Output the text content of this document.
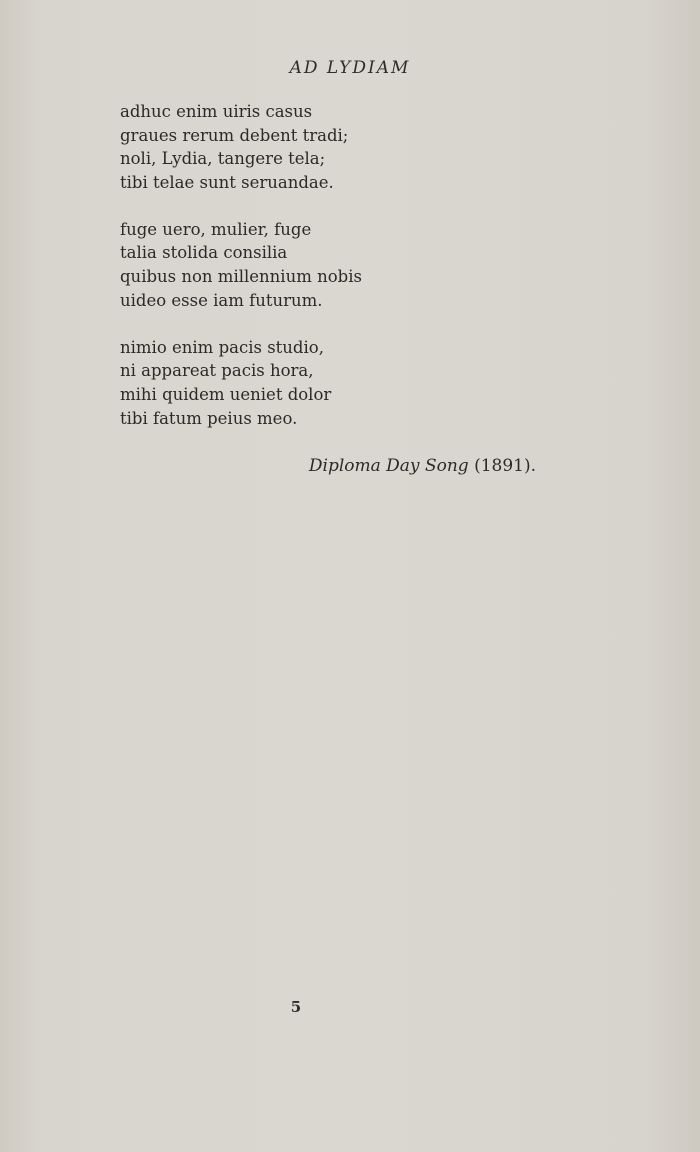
AD LYDIAM
adhuc enim uiris casus
graues rerum debent tradi;
noli, Lydia, tangere tela;
tibi telae sunt seruandae.
fuge uero, mulier, fuge
talia stolida consilia
quibus non millennium nobis
uideo esse iam futurum.
nimio enim pacis studio,
ni appareat pacis hora,
mihi quidem ueniet dolor
tibi fatum peius meo.
Diploma Day Song (1891).
5
